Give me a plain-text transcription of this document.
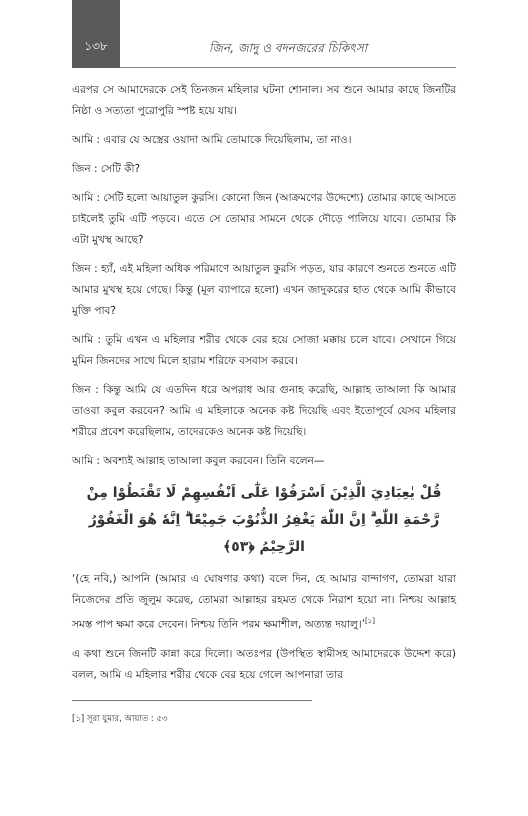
১৩৮	জিন, জাদু ও বদনজরের চিকিৎসা

এরপর সে আমাদেরকে সেই তিনজন মহিলার ঘটনা শোনাল। সব শুনে আমার কাছে জিনটির নিষ্ঠা ও সত্যতা পুরোপুরি স্পষ্ট হয়ে যায়।

আমি : এবার যে অস্ত্রের ওয়াদা আমি তোমাকে দিয়েছিলাম, তা নাও।

জিন : সেটি কী?

আমি : সেটি হলো আয়াতুল কুরসি। কোনো জিন (আক্রমণের উদ্দেশ্যে) তোমার কাছে আসতে চাইলেই তুমি এটি পড়বে। এতে সে তোমার সামনে থেকে দৌড়ে পালিয়ে যাবে। তোমার কি এটা মুখস্থ আছে?

জিন : হ্যাঁ, এই মহিলা অধিক পরিমাণে আয়াতুল কুরসি পড়ত, যার কারণে শুনতে শুনতে এটি আমার মুখস্থ হয়ে গেছে। কিন্তু (মূল ব্যাপারে হলো) এখন জাদুকরের হাত থেকে আমি কীভাবে মুক্তি পাব?

আমি : তুমি এখন এ মহিলার শরীর থেকে বের হয়ে সোজা মক্কায় চলে যাবে। সেখানে গিয়ে মুমিন জিনদের সাথে মিলে হারাম শরিফে বসবাস করবে।

জিন : কিন্তু আমি যে এতদিন ধরে অপরাধ আর গুনাহ করেছি, আল্লাহ তাআলা কি আমার তাওবা কবুল করবেন? আমি এ মহিলাকে অনেক কষ্ট দিয়েছি এবং ইতোপূর্বে যেসব মহিলার শরীরে প্রবেশ করেছিলাম, তাদেরকেও অনেক কষ্ট দিয়েছি।

আমি : অবশ্যই আল্লাহ তাআলা কবুল করবেন। তিনি বলেন—

قُلْ يٰعِبَادِيَ الَّذِيْنَ اَسْرَفُوْا عَلٰٓى اَنْفُسِهِمْ لَا تَقْنَطُوْا مِنْ رَّحْمَةِ اللّٰهِ ۗ اِنَّ اللّٰهَ يَغْفِرُ الذُّنُوْبَ جَمِيْعًا ۗ اِنَّهٗ هُوَ الْغَفُوْرُ الرَّحِيْمُ ﴿٥٣﴾

‘(হে নবি,) আপনি (আমার এ ঘোষণার কথা) বলে দিন, হে আমার বান্দাগণ, তোমরা যারা নিজেদের প্রতি জুলুম করেছ, তোমরা আল্লাহর রহমত থেকে নিরাশ হয়ো না। নিশ্চয় আল্লাহ সমস্ত পাপ ক্ষমা করে দেবেন। নিশ্চয় তিনি পরম ক্ষমাশীল, অত্যন্ত দয়ালু।’[১]

এ কথা শুনে জিনটি কান্না করে দিলো। অতঃপর (উপস্থিত স্বামীসহ আমাদেরকে উদ্দেশ করে) বলল, আমি এ মহিলার শরীর থেকে বের হয়ে গেলে আপনারা তার

[১] সূরা যুমার, আয়াত : ৫৩
